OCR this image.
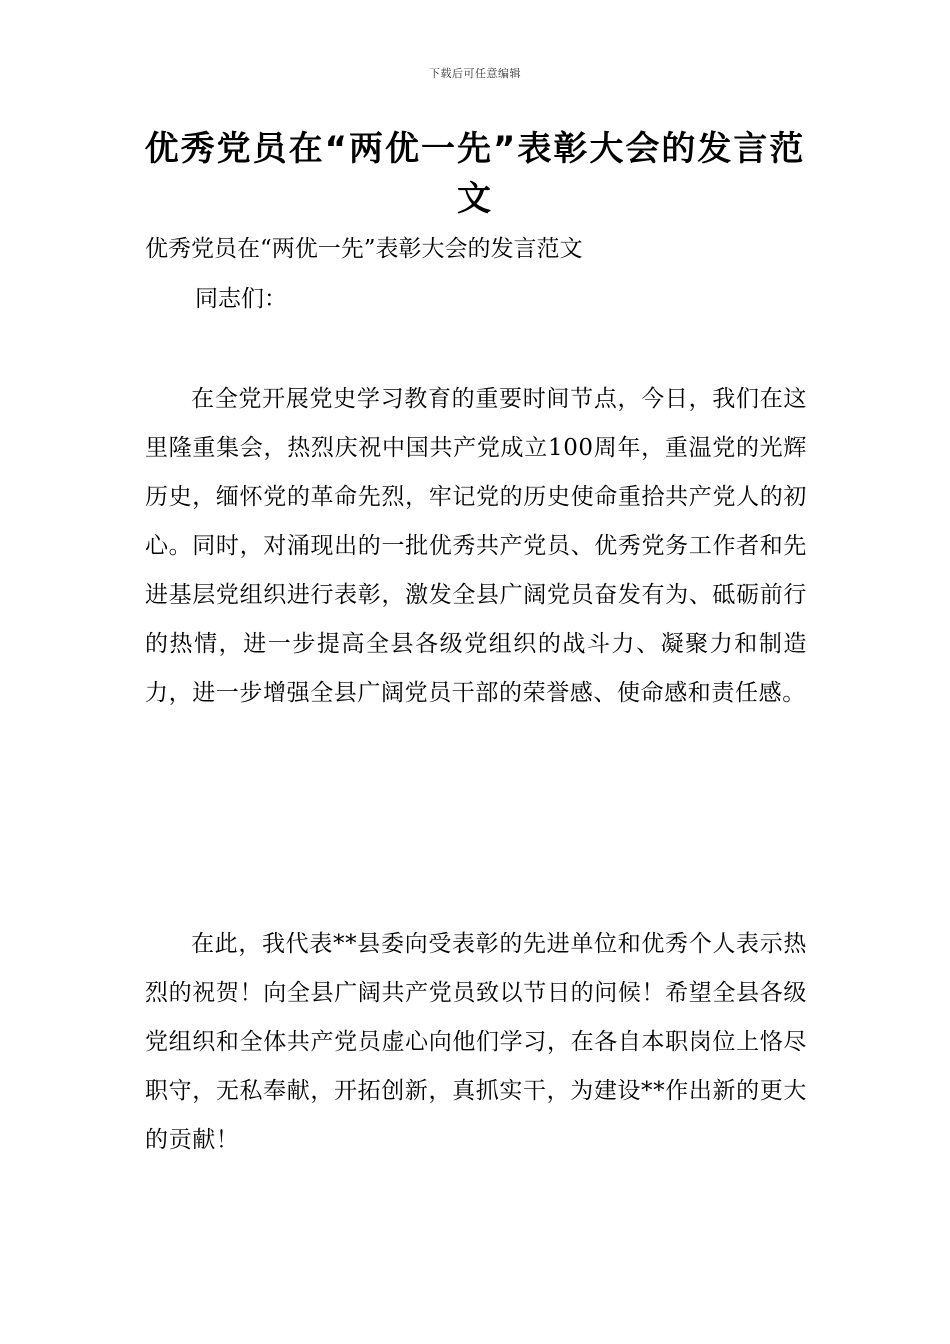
下载后可任意编辑
优秀党员在“两优一先”表彰大会的发言范文

优秀党员在“两优一先”表彰大会的发言范文

同志们：

在全党开展党史学习教育的重要时间节点，今日，我们在这里隆重集会，热烈庆祝中国共产党成立100周年，重温党的光辉历史，缅怀党的革命先烈，牢记党的历史使命重拾共产党人的初心。同时，对涌现出的一批优秀共产党员、优秀党务工作者和先进基层党组织进行表彰，激发全县广阔党员奋发有为、砥砺前行的热情，进一步提高全县各级党组织的战斗力、凝聚力和制造力，进一步增强全县广阔党员干部的荣誉感、使命感和责任感。

在此，我代表**县委向受表彰的先进单位和优秀个人表示热烈的祝贺！向全县广阔共产党员致以节日的问候！希望全县各级党组织和全体共产党员虚心向他们学习，在各自本职岗位上恪尽职守，无私奉献，开拓创新，真抓实干，为建设**作出新的更大的贡献！
